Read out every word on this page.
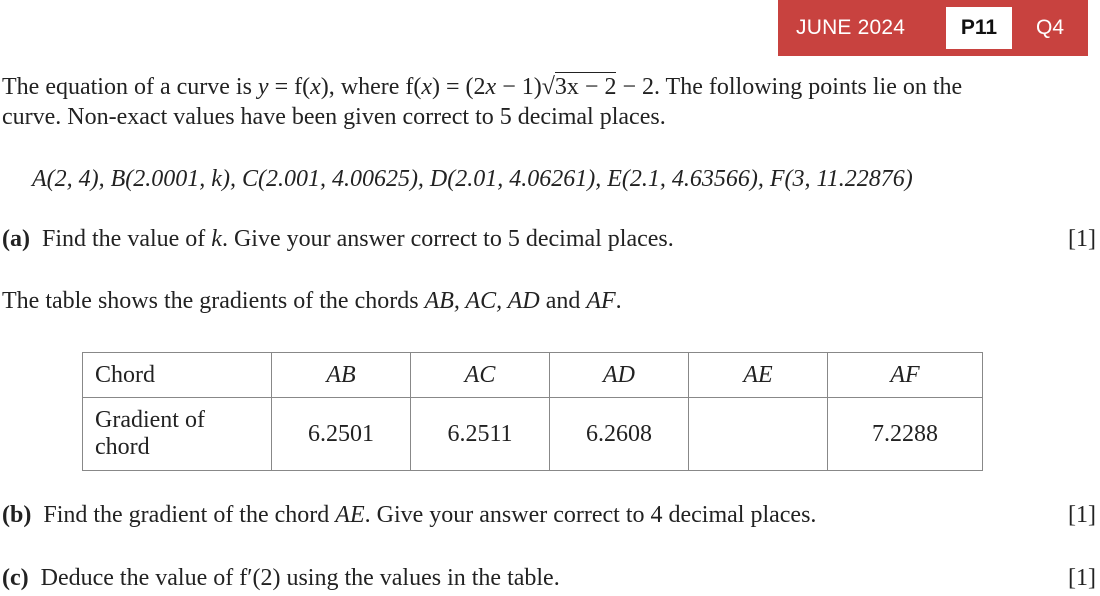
JUNE 2024	P11	Q4
The equation of a curve is y = f(x), where f(x) = (2x − 1)√3x − 2 − 2. The following points lie on the
curve. Non-exact values have been given correct to 5 decimal places.
A(2, 4), B(2.0001, k), C(2.001, 4.00625), D(2.01, 4.06261), E(2.1, 4.63566), F(3, 11.22876)
(a) Find the value of k. Give your answer correct to 5 decimal places.	[1]
The table shows the gradients of the chords AB, AC, AD and AF.
Chord	AB	AC	AD	AE	AF

Gradient of
chord	6.2501	6.2511	6.2608		7.2288
(b) Find the gradient of the chord AE. Give your answer correct to 4 decimal places.	[1]
(c) Deduce the value of f′(2) using the values in the table.	[1]
